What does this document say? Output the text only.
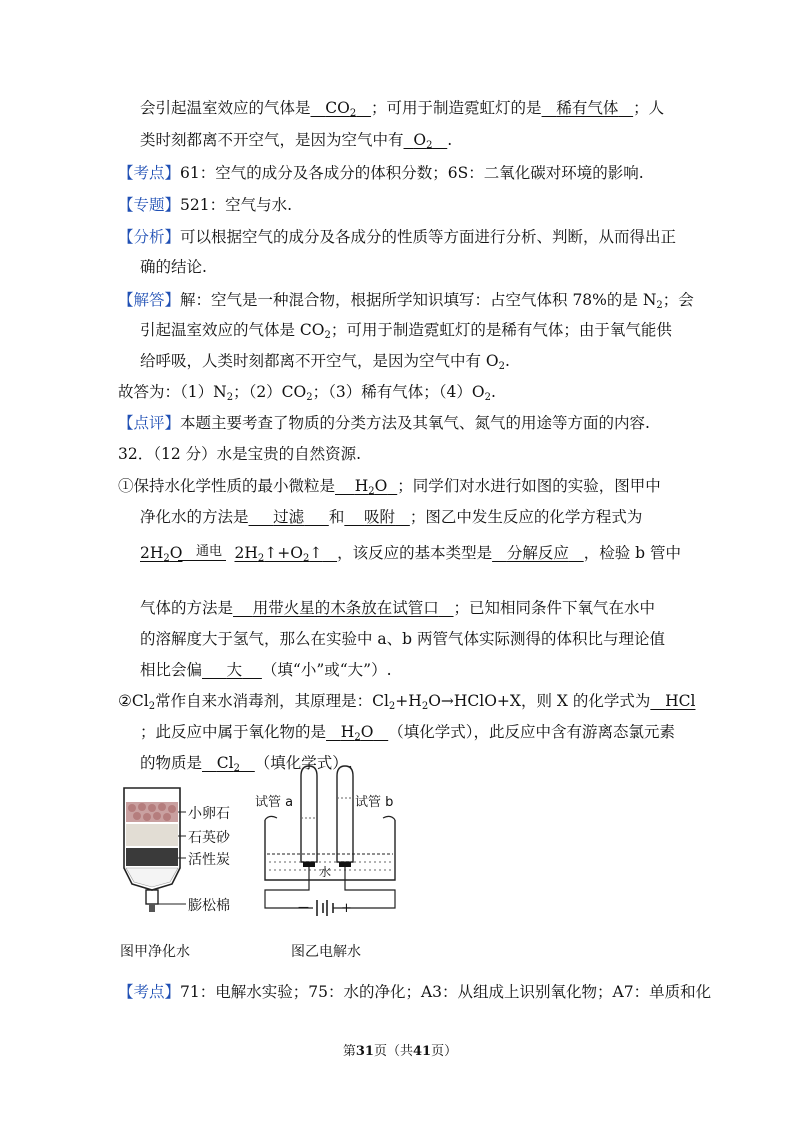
会引起温室效应的气体是 $CO_2$ ；可用于制造霓虹灯的是 稀有气体 ；人
类时刻都离不开空气，是因为空气中有 $O_2$ .
【考点】61：空气的成分及各成分的体积分数；6S：二氧化碳对环境的影响.
【专题】521：空气与水.
【分析】可以根据空气的成分及各成分的性质等方面进行分析、判断，从而得出正
确的结论.
【解答】解：空气是一种混合物，根据所学知识填写：占空气体积 78%的是 $N_2$；会
引起温室效应的气体是 $CO_2$；可用于制造霓虹灯的是稀有气体；由于氧气能供
给呼吸，人类时刻都离不开空气，是因为空气中有 $O_2$.
故答为：$(1)N_2$；$(2)CO_2$；（3）稀有气体；$(4)O_2$.
【点评】本题主要考查了物质的分类方法及其氧气、氮气的用途等方面的内容.
32．（12 分）水是宝贵的自然资源.
①保持水化学性质的最小微粒是 $H_2O$ ；同学们对水进行如图的实验，图甲中
净化水的方法是 过滤 和 吸附 ；图乙中发生反应的化学方程式为
通电
$2H_2O$	$2H_2↑+O_2↑$ ，该反应的基本类型是 分解反应 ，检验 b 管中
气体的方法是 用带火星的木条放在试管口 ；已知相同条件下氧气在水中
的溶解度大于氢气，那么在实验中 a、b 两管气体实际测得的体积比与理论值
相比会偏 大 （填“小”或“大”）.
$②Cl_2$常作自来水消毒剂，其原理是：$Cl_2+H_2O\to HClO+X$，则 X 的化学式为 HCl
；此反应中属于氧化物的是 $H_2O$ （填化学式），此反应中含有游离态氯元素
的物质是 $Cl_2$ （填化学式）.
小卵石
石英砂
活性炭
膨松棉
图甲净化水
－ +
水
试管 a	试管 b
图乙电解水
【考点】71：电解水实验；75：水的净化；A3：从组成上识别氧化物；A7：单质和化
第31页（共41页）
